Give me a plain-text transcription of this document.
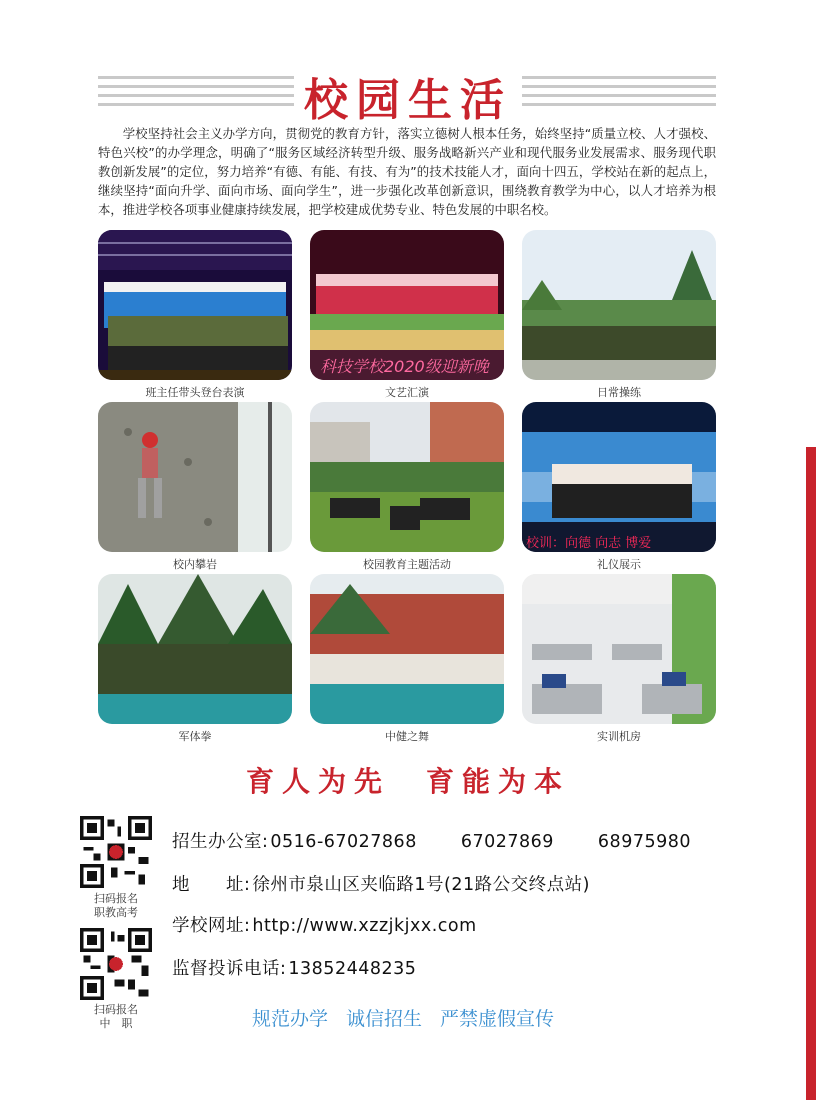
校园生活
学校坚持社会主义办学方向，贯彻党的教育方针，落实立德树人根本任务，始终坚持“质量立校、人才强校、特色兴校”的办学理念，明确了“服务区域经济转型升级、服务战略新兴产业和现代服务业发展需求、服务现代职教创新发展”的定位，努力培养“有德、有能、有技、有为”的技术技能人才，面向十四五，学校站在新的起点上，继续坚持“面向升学、面向市场、面向学生”，进一步强化改革创新意识，围绕教育教学为中心，以人才培养为根本，推进学校各项事业健康持续发展，把学校建成优势专业、特色发展的中职名校。
班主任带头登台表演
科技学校2020级迎新晚
文艺汇演	日常操练
校内攀岩	校园教育主题活动
校训：向德 向志 博爱
礼仪展示
军体拳	中健之舞	实训机房
育人为先 育能为本
扫码报名
职教高考
扫码报名
中　职
招生办公室: 0516-67027868	67027869	68975980
地　　址: 徐州市泉山区夹临路1号(21路公交终点站)
学校网址: http://www.xzzjkjxx.com
监督投诉电话: 13852448235
规范办学 诚信招生 严禁虚假宣传
